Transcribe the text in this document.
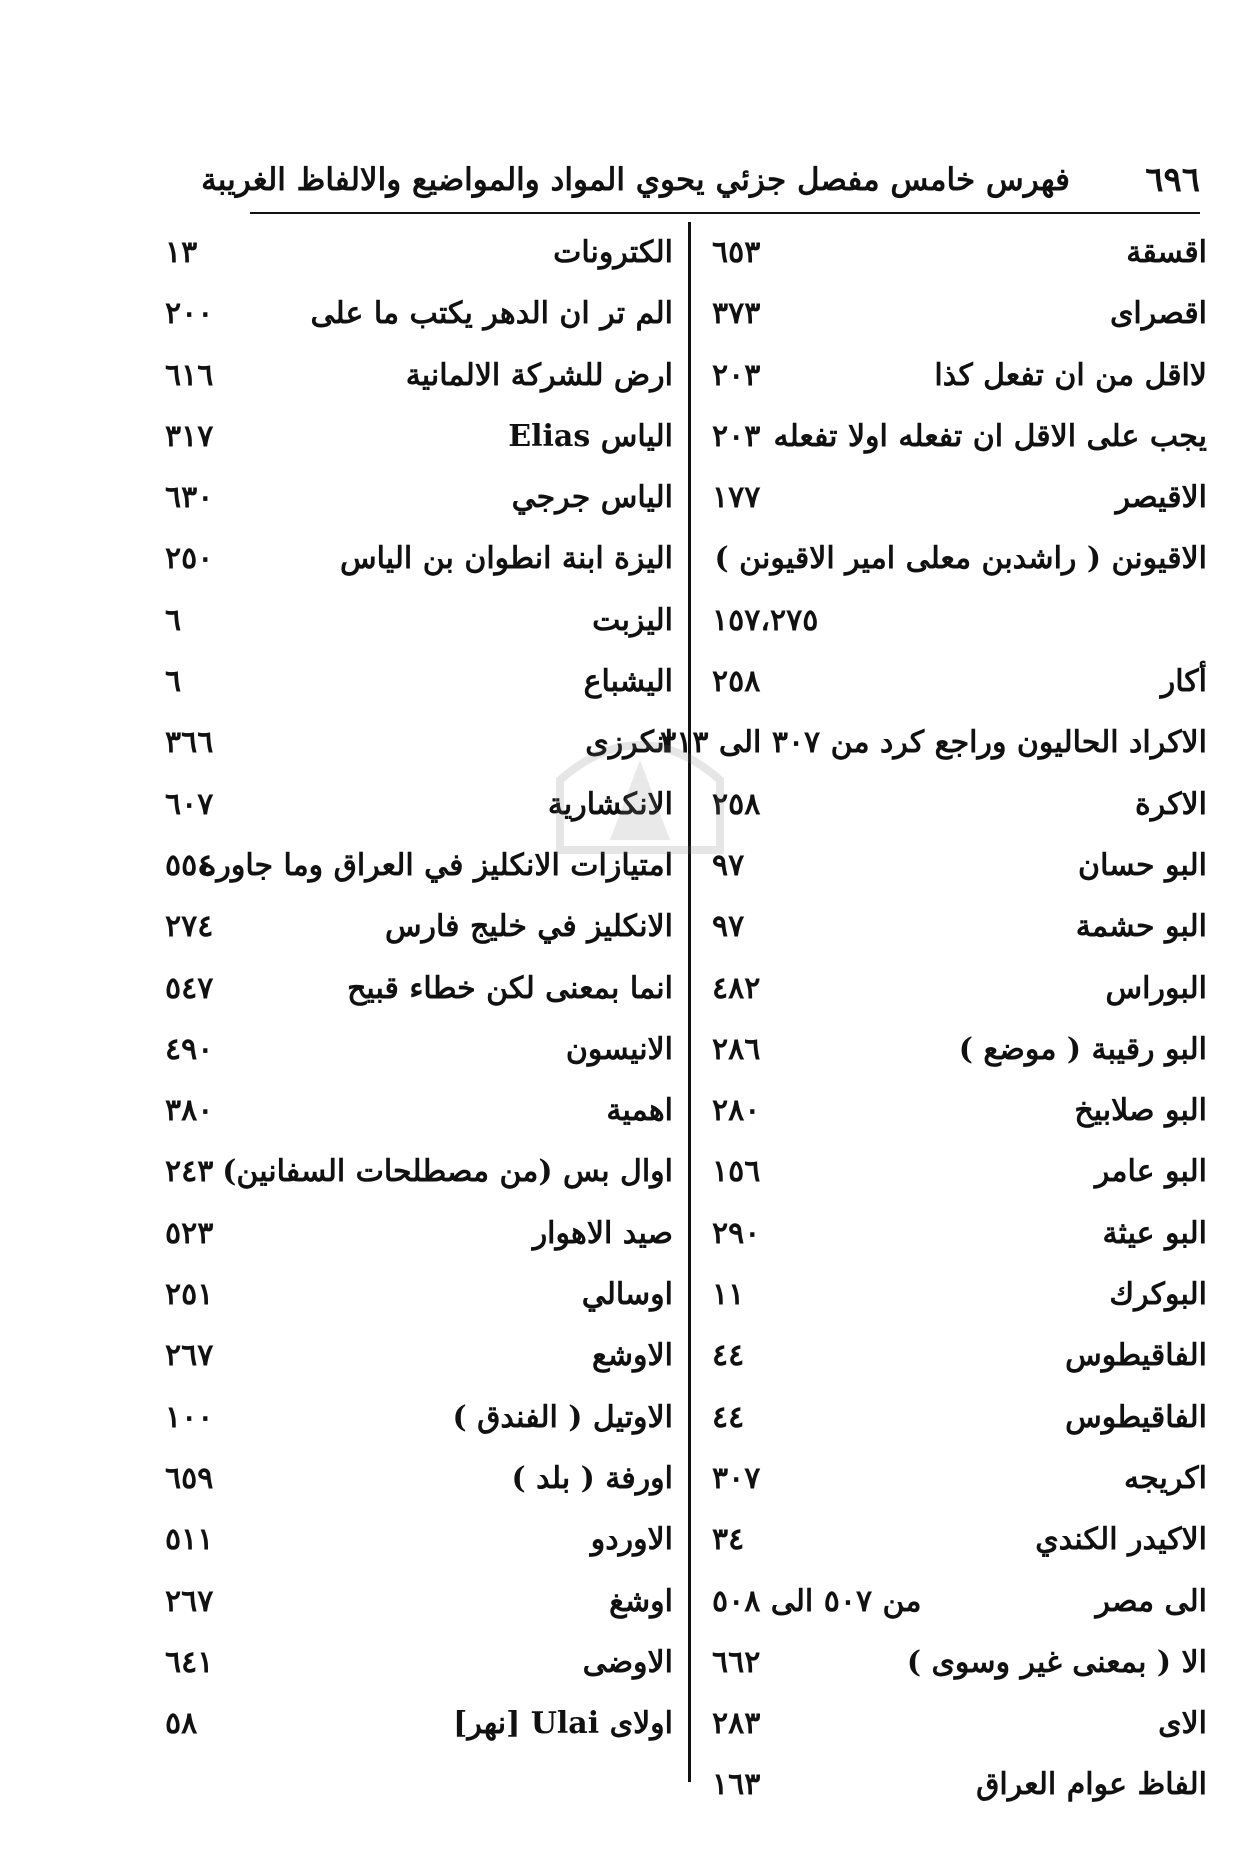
٦٩٦
فهرس خامس مفصل جزئي يحوي المواد والمواضيع والالفاظ الغريبة
اقسقة
٦٥٣
اقصراى
٣٧٣
لااقل من ان تفعل كذا
٢٠٣
يجب على الاقل ان تفعله اولا تفعله
٢٠٣
الاقيصر
١٧٧
الاقيونن ( راشدبن معلى امير الاقيونن )
١٥٧،٢٧٥
أكار
٢٥٨
الاكراد الحاليون وراجع كرد من ٣٠٧ الى ٣١٣
الاكرة
٢٥٨
البو حسان
٩٧
البو حشمة
٩٧
البوراس
٤٨٢
البو رقيبة ( موضع )
٢٨٦
البو صلابيخ
٢٨٠
البو عامر
١٥٦
البو عيثة
٢٩٠
البوكرك
١١
الفاقيطوس
٤٤
الفاقيطوس
٤٤
اكريجه
٣٠٧
الاكيدر الكندي
٣٤
الى مصر
من ٥٠٧ الى ٥٠٨
الا ( بمعنى غير وسوى )
٦٦٢
الاى
٢٨٣
الفاظ عوام العراق
١٦٣
الكترونات
١٣
الم تر ان الدهر يكتب ما على
٢٠٠
ارض للشركة الالمانية
٦١٦
الياس Elias
٣١٧
الياس جرجي
٦٣٠
اليزة ابنة انطوان بن الياس
٢٥٠
اليزبت
٦
اليشباع
٦
انكرزى
٣٦٦
الانكشارية
٦٠٧
امتيازات الانكليز في العراق وما جاوره
٥٥٤
الانكليز في خليج فارس
٢٧٤
انما بمعنى لكن خطاء قبيح
٥٤٧
الانيسون
٤٩٠
اهمية
٣٨٠
اوال بس (من مصطلحات السفانين)
٢٤٣
صيد الاهوار
٥٢٣
اوسالي
٢٥١
الاوشع
٢٦٧
الاوتيل ( الفندق )
١٠٠
اورفة ( بلد )
٦٥٩
الاوردو
٥١١
اوشغ
٢٦٧
الاوضى
٦٤١
اولاى Ulai [نهر]
٥٨
